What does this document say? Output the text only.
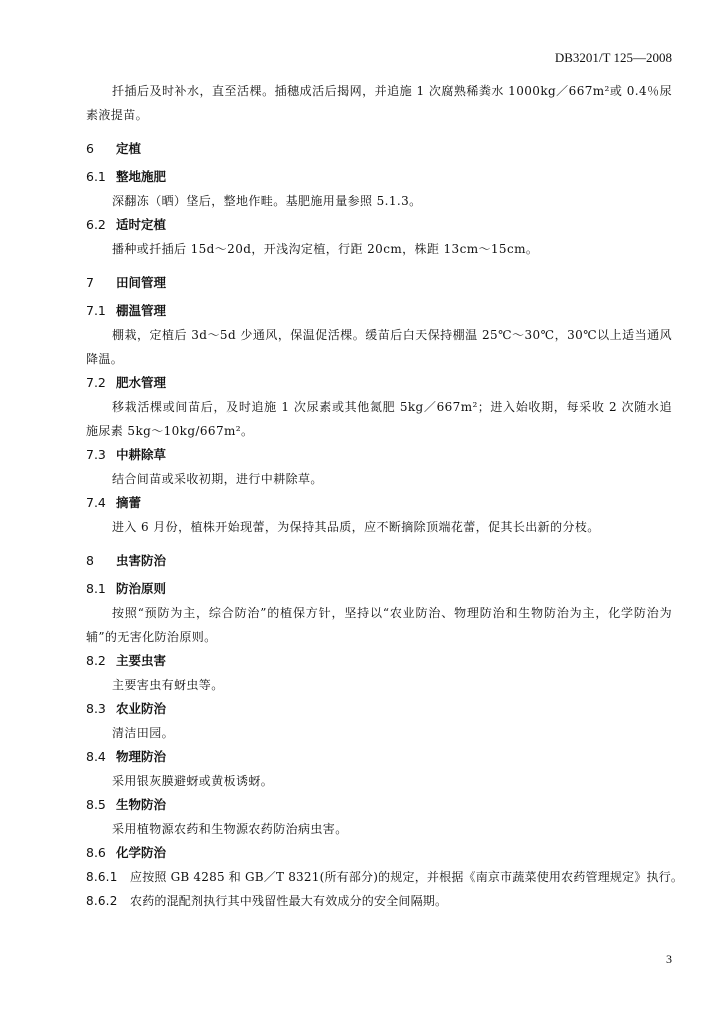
DB3201/T 125—2008

扦插后及时补水，直至活棵。插穗成活后揭网，并追施 1 次腐熟稀粪水 1000kg／667m²或 0.4％尿素液提苗。

6 定植
6.1 整地施肥

深翻冻（晒）垡后，整地作畦。基肥施用量参照 5.1.3。

6.2 适时定植

播种或扦插后 15d～20d，开浅沟定植，行距 20cm，株距 13cm～15cm。

7 田间管理
7.1 棚温管理

棚栽，定植后 3d～5d 少通风，保温促活棵。缓苗后白天保持棚温 25℃～30℃，30℃以上适当通风降温。

7.2 肥水管理

移栽活棵或间苗后，及时追施 1 次尿素或其他氮肥 5kg／667m²；进入始收期，每采收 2 次随水追施尿素 5kg～10kg/667m²。

7.3 中耕除草

结合间苗或采收初期，进行中耕除草。

7.4 摘蕾

进入 6 月份，植株开始现蕾，为保持其品质，应不断摘除顶端花蕾，促其长出新的分枝。

8 虫害防治
8.1 防治原则

按照“预防为主，综合防治”的植保方针，坚持以“农业防治、物理防治和生物防治为主，化学防治为辅”的无害化防治原则。

8.2 主要虫害

主要害虫有蚜虫等。

8.3 农业防治

清洁田园。

8.4 物理防治

采用银灰膜避蚜或黄板诱蚜。

8.5 生物防治

采用植物源农药和生物源农药防治病虫害。

8.6 化学防治

8.6.1 应按照 GB 4285 和 GB／T 8321(所有部分)的规定，并根据《南京市蔬菜使用农药管理规定》执行。

8.6.2 农药的混配剂执行其中残留性最大有效成分的安全间隔期。

3
